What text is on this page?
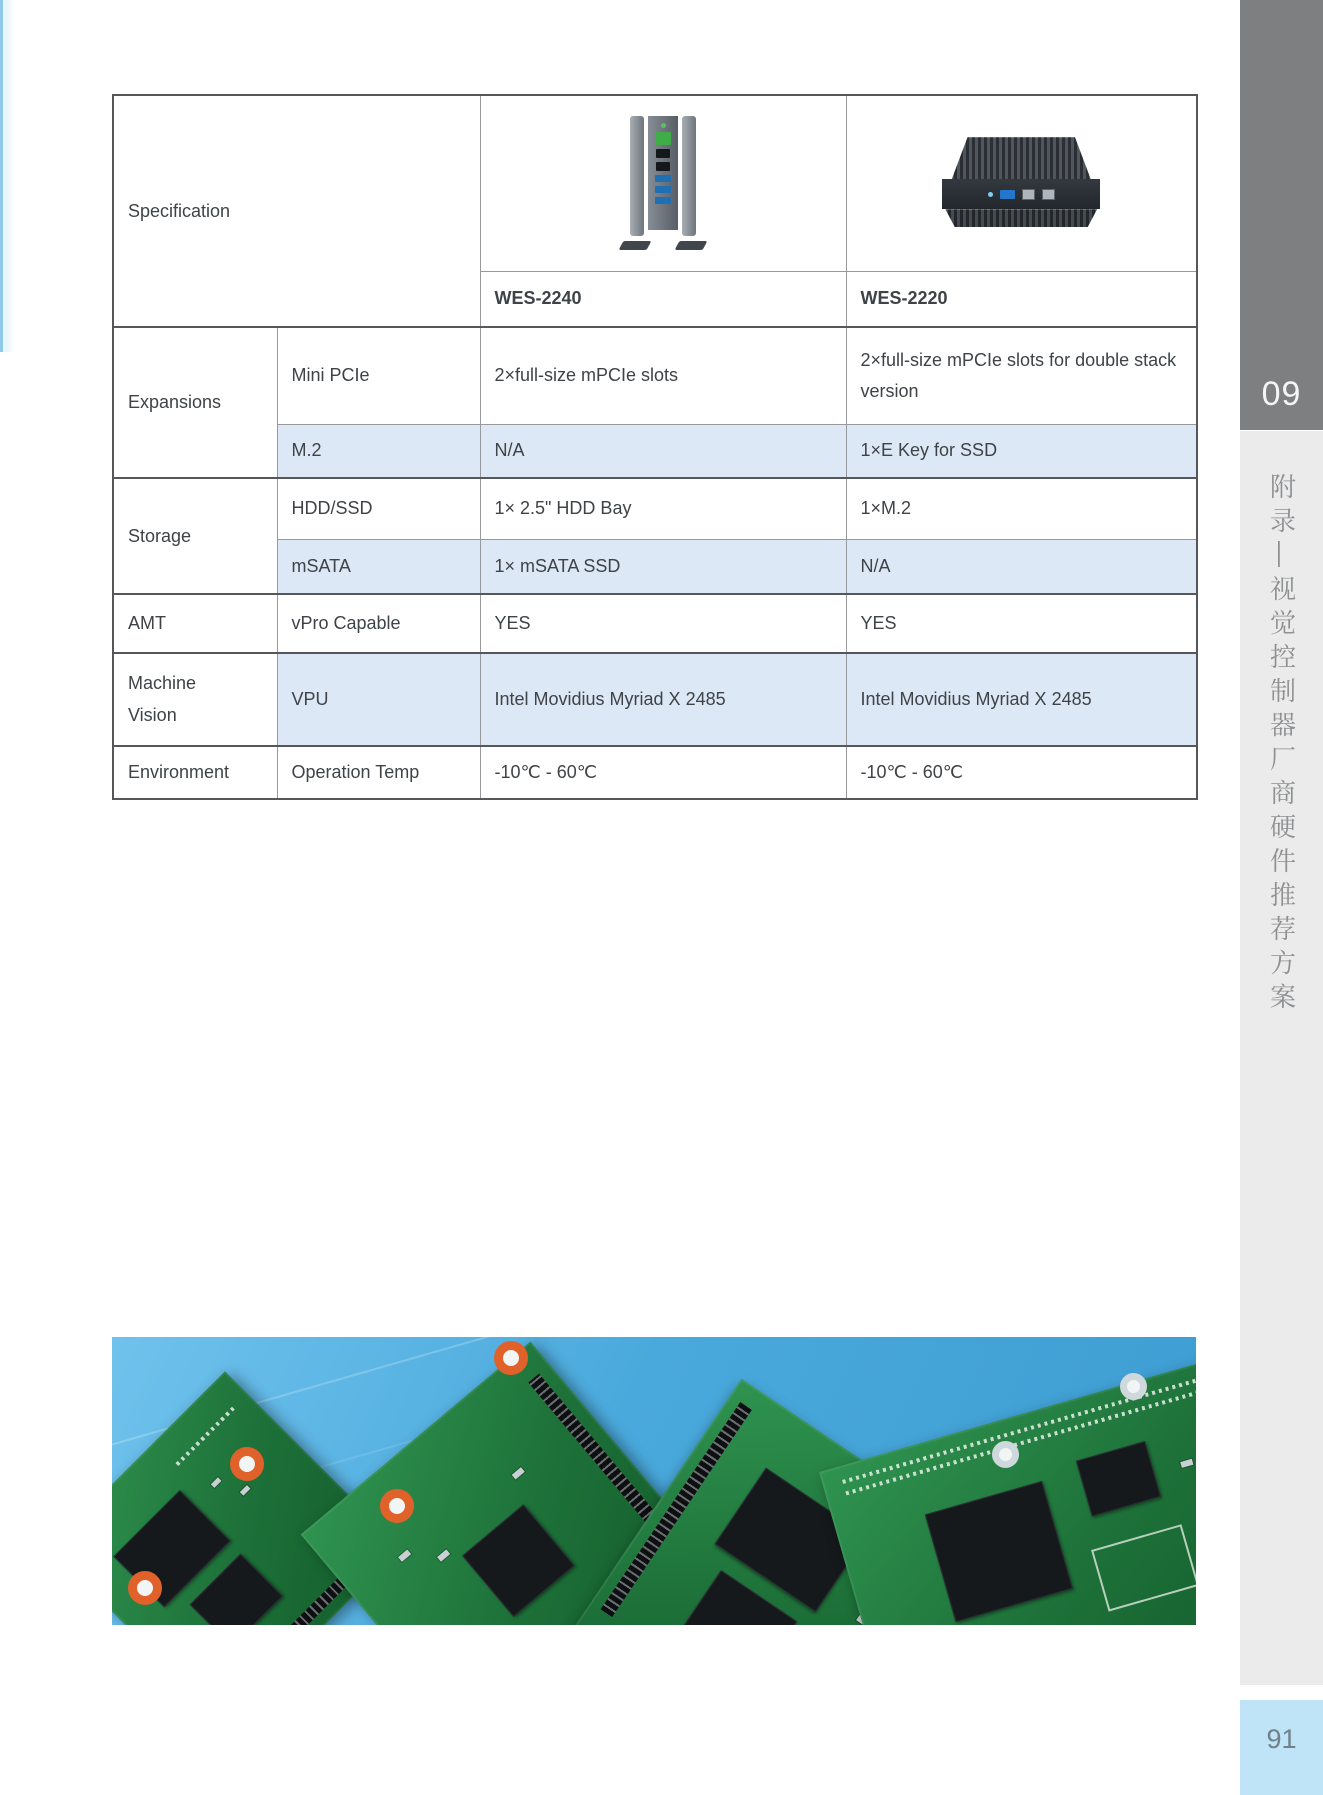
Specification		

		WES-2240	WES-2220
Expansions	Mini PCIe	2×full-size mPCIe slots	2×full-size mPCIe slots for double stack version
	M.2	N/A	1×E Key for SSD
Storage	HDD/SSD	1× 2.5" HDD Bay	1×M.2
	mSATA	1× mSATA SSD	N/A
AMT	vPro Capable	YES	YES
Machine Vision	VPU	Intel Movidius Myriad X 2485	Intel Movidius Myriad X 2485
Environment	Operation Temp	-10℃ - 60℃	-10℃ - 60℃
09
附录—视觉控制器厂商硬件推荐方案
91
